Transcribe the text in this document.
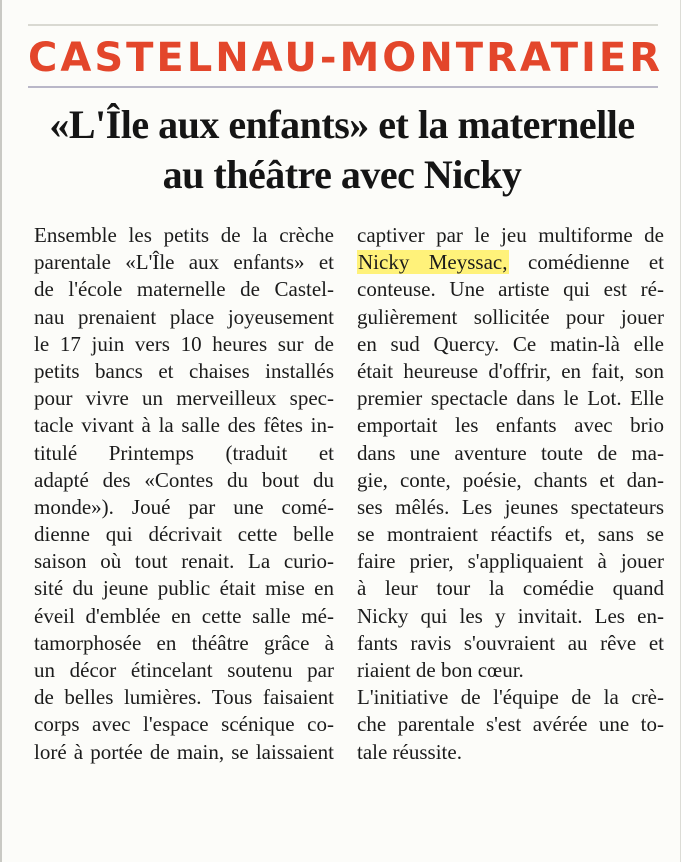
CASTELNAU-MONTRATIER
«L'Île aux enfants» et la maternelle
au théâtre avec Nicky
Ensemble les petits de la crèche
parentale «L'Île aux enfants» et
de l'école maternelle de Castel-
nau prenaient place joyeusement
le 17 juin vers 10 heures sur de
petits bancs et chaises installés
pour vivre un merveilleux spec-
tacle vivant à la salle des fêtes in-
titulé Printemps (traduit et
adapté des «Contes du bout du
monde»). Joué par une comé-
dienne qui décrivait cette belle
saison où tout renait. La curio-
sité du jeune public était mise en
éveil d'emblée en cette salle mé-
tamorphosée en théâtre grâce à
un décor étincelant soutenu par
de belles lumières. Tous faisaient
corps avec l'espace scénique co-
loré à portée de main, se laissaient
captiver par le jeu multiforme de
Nicky Meyssac, comédienne et
conteuse. Une artiste qui est ré-
gulièrement sollicitée pour jouer
en sud Quercy. Ce matin-là elle
était heureuse d'offrir, en fait, son
premier spectacle dans le Lot. Elle
emportait les enfants avec brio
dans une aventure toute de ma-
gie, conte, poésie, chants et dan-
ses mêlés. Les jeunes spectateurs
se montraient réactifs et, sans se
faire prier, s'appliquaient à jouer
à leur tour la comédie quand
Nicky qui les y invitait. Les en-
fants ravis s'ouvraient au rêve et
riaient de bon cœur.
L'initiative de l'équipe de la crè-
che parentale s'est avérée une to-
tale réussite.
